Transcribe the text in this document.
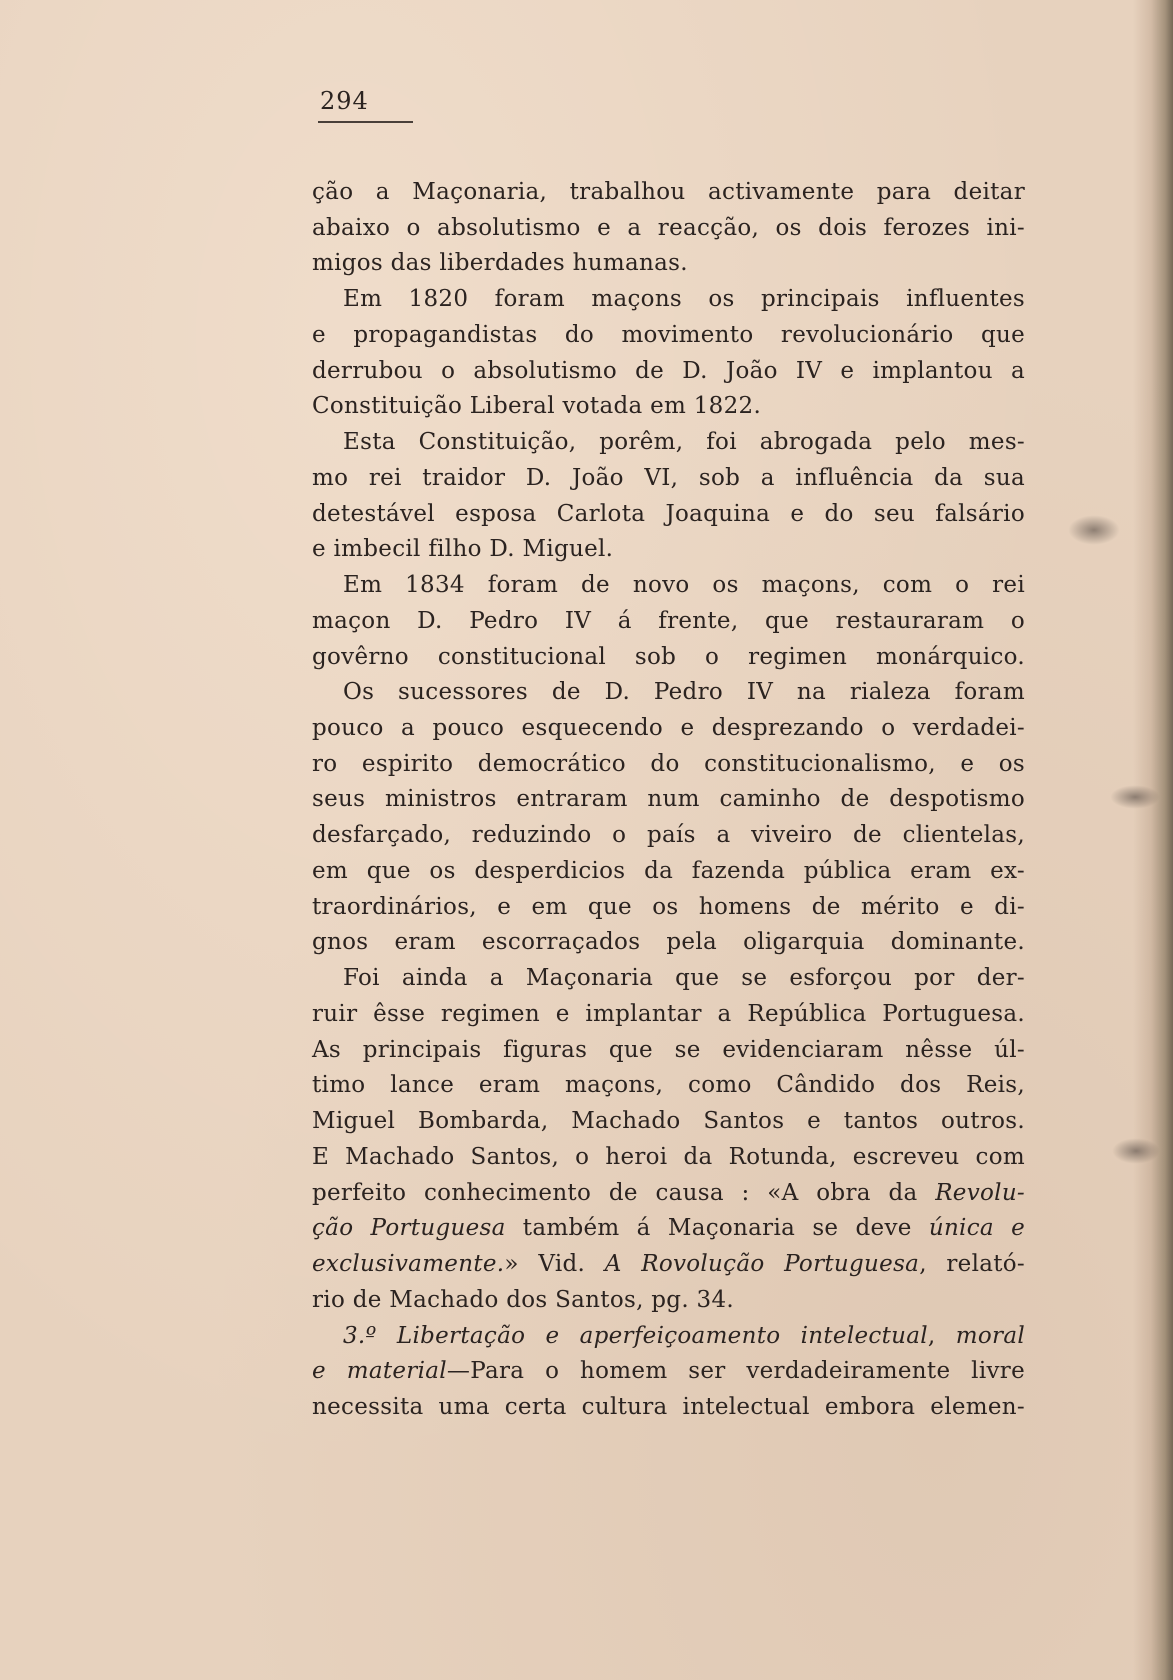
294
ção a Maçonaria, trabalhou activamente para deitar
abaixo o absolutismo e a reacção, os dois ferozes ini-
migos das liberdades humanas.
Em 1820 foram maçons os principais influentes
e propagandistas do movimento revolucionário que
derrubou o absolutismo de D. João IV e implantou a
Constituição Liberal votada em 1822.
Esta Constituição, porêm, foi abrogada pelo mes-
mo rei traidor D. João VI, sob a influência da sua
detestável esposa Carlota Joaquina e do seu falsário
e imbecil filho D. Miguel.
Em 1834 foram de novo os maçons, com o rei
maçon D. Pedro IV á frente, que restauraram o
govêrno constitucional sob o regimen monárquico.
Os sucessores de D. Pedro IV na rialeza foram
pouco a pouco esquecendo e desprezando o verdadei-
ro espirito democrático do constitucionalismo, e os
seus ministros entraram num caminho de despotismo
desfarçado, reduzindo o país a viveiro de clientelas,
em que os desperdicios da fazenda pública eram ex-
traordinários, e em que os homens de mérito e di-
gnos eram escorraçados pela oligarquia dominante.
Foi ainda a Maçonaria que se esforçou por der-
ruir êsse regimen e implantar a República Portuguesa.
As principais figuras que se evidenciaram nêsse úl-
timo lance eram maçons, como Cândido dos Reis,
Miguel Bombarda, Machado Santos e tantos outros.
E Machado Santos, o heroi da Rotunda, escreveu com
perfeito conhecimento de causa : «A obra da Revolu-
ção Portuguesa também á Maçonaria se deve única e
exclusivamente.» Vid. A Rovolução Portuguesa, relató-
rio de Machado dos Santos, pg. 34.
3.º Libertação e aperfeiçoamento intelectual, moral
e material—Para o homem ser verdadeiramente livre
necessita uma certa cultura intelectual embora elemen-
